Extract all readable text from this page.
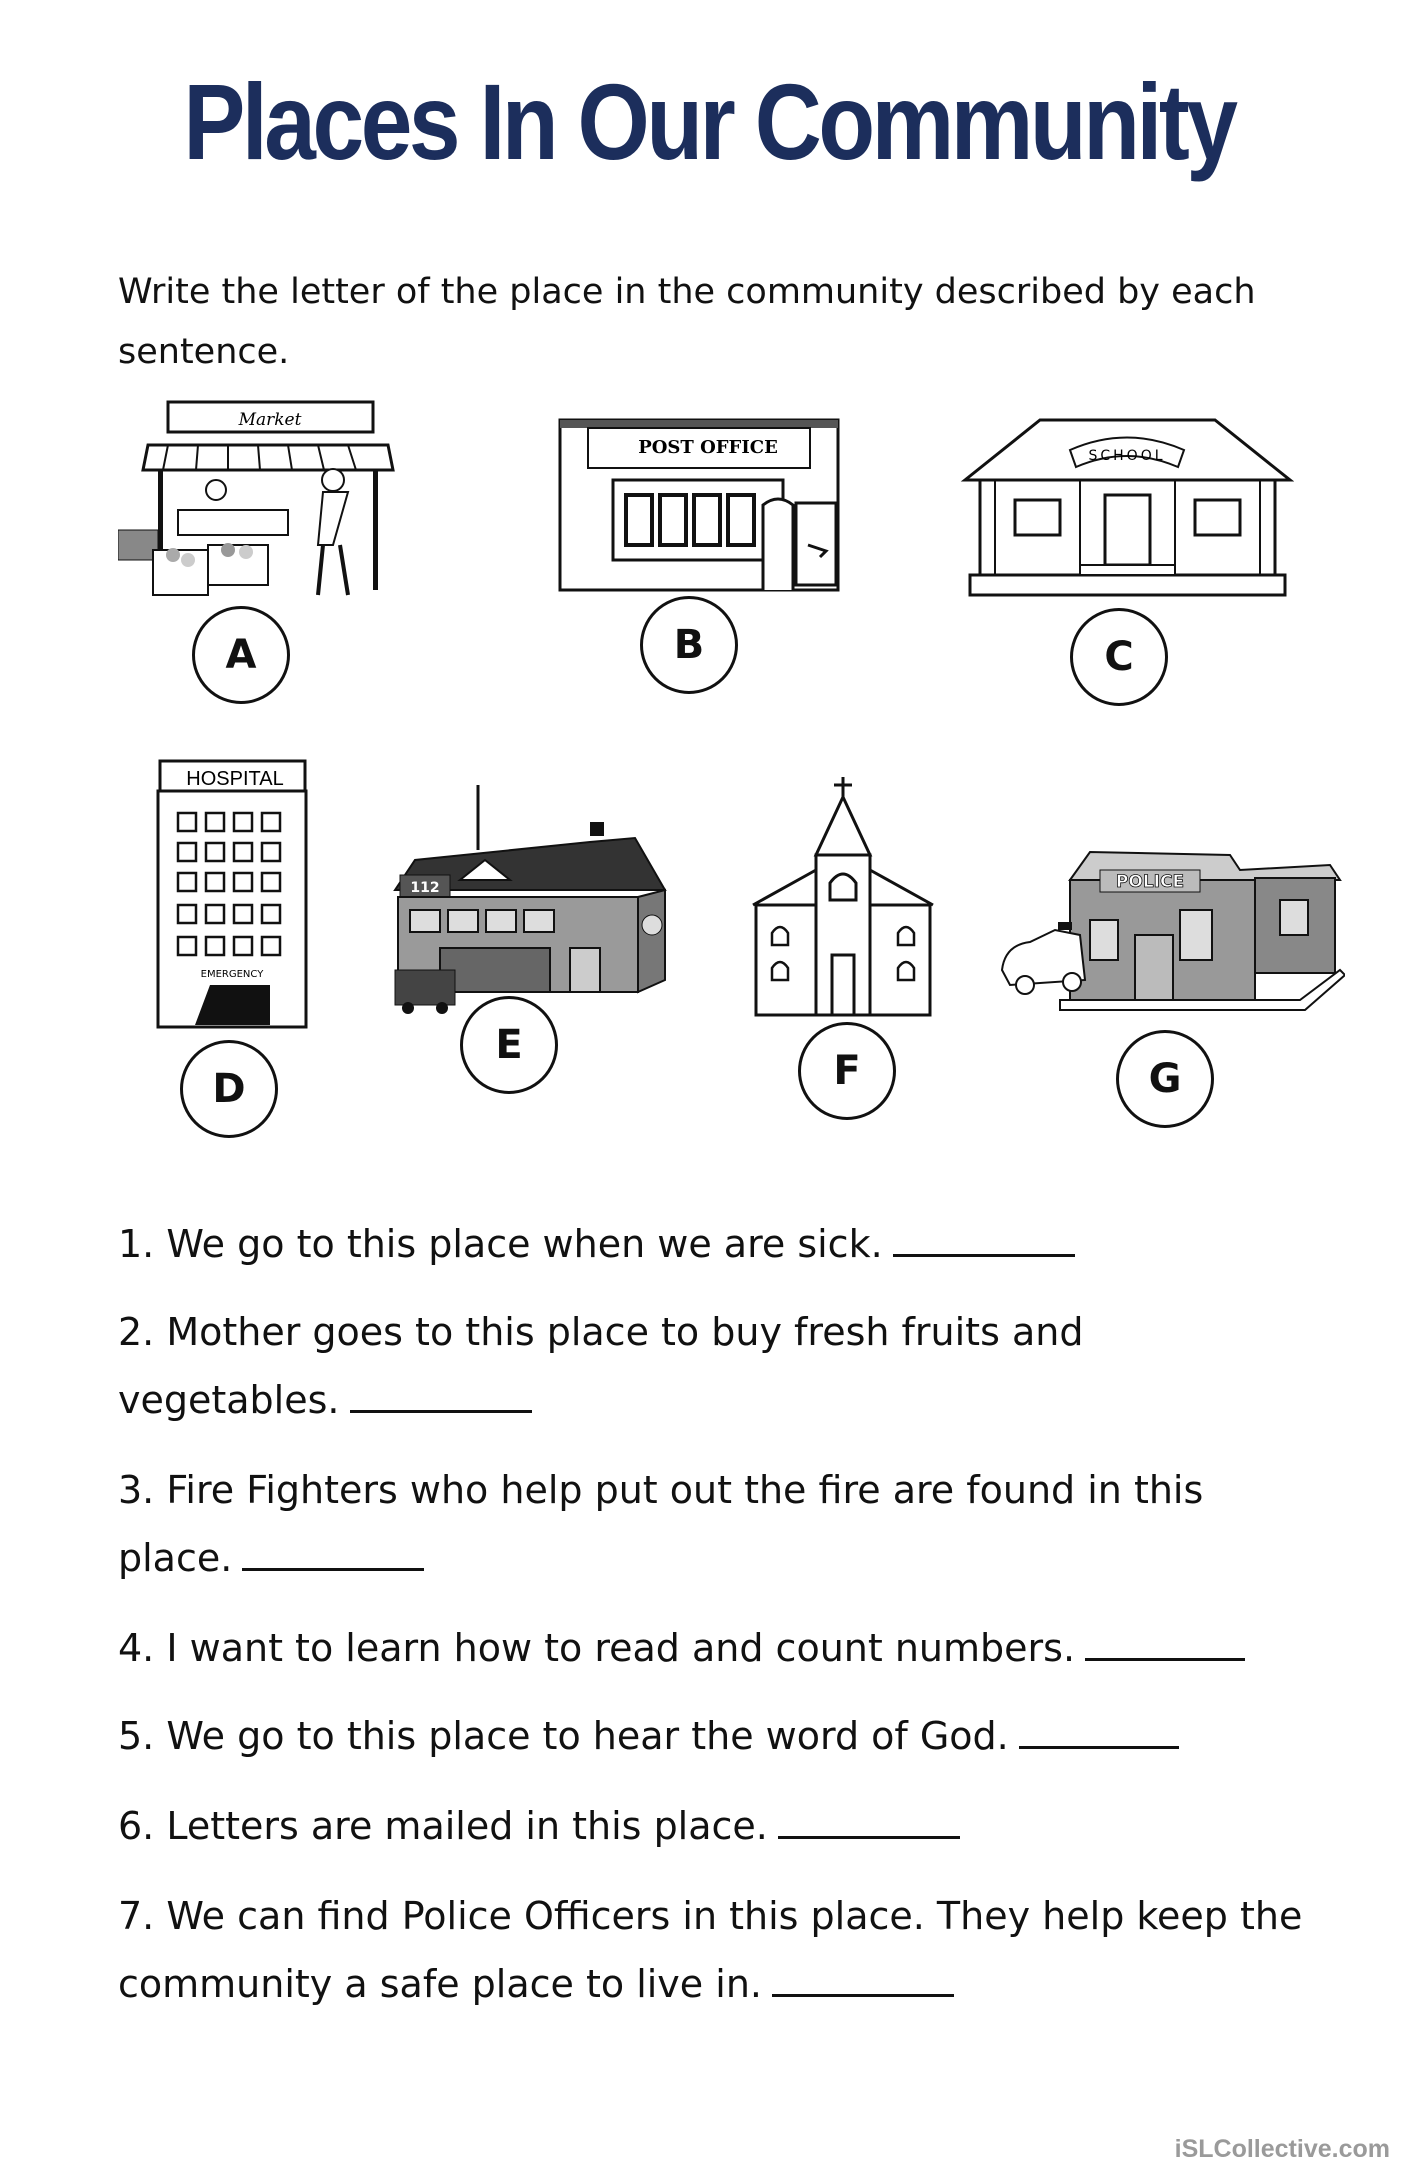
Places In Our Community
Write the letter of the place in the community described by each sentence.
Market
A
POST OFFICE
B
SCHOOL
C
HOSPITAL
EMERGENCY
D
112
E
F
POLICE
G
1. We go to this place when we are sick.
2. Mother goes to this place to buy fresh fruits and vegetables.
3. Fire Fighters who help put out the fire are found in this place.
4. I want to learn how to read and count numbers.
5. We go to this place to hear the word of God.
6. Letters are mailed in this place.
7. We can find Police Officers in this place. They help keep the community a safe place to live in.
iSLCollective.com
